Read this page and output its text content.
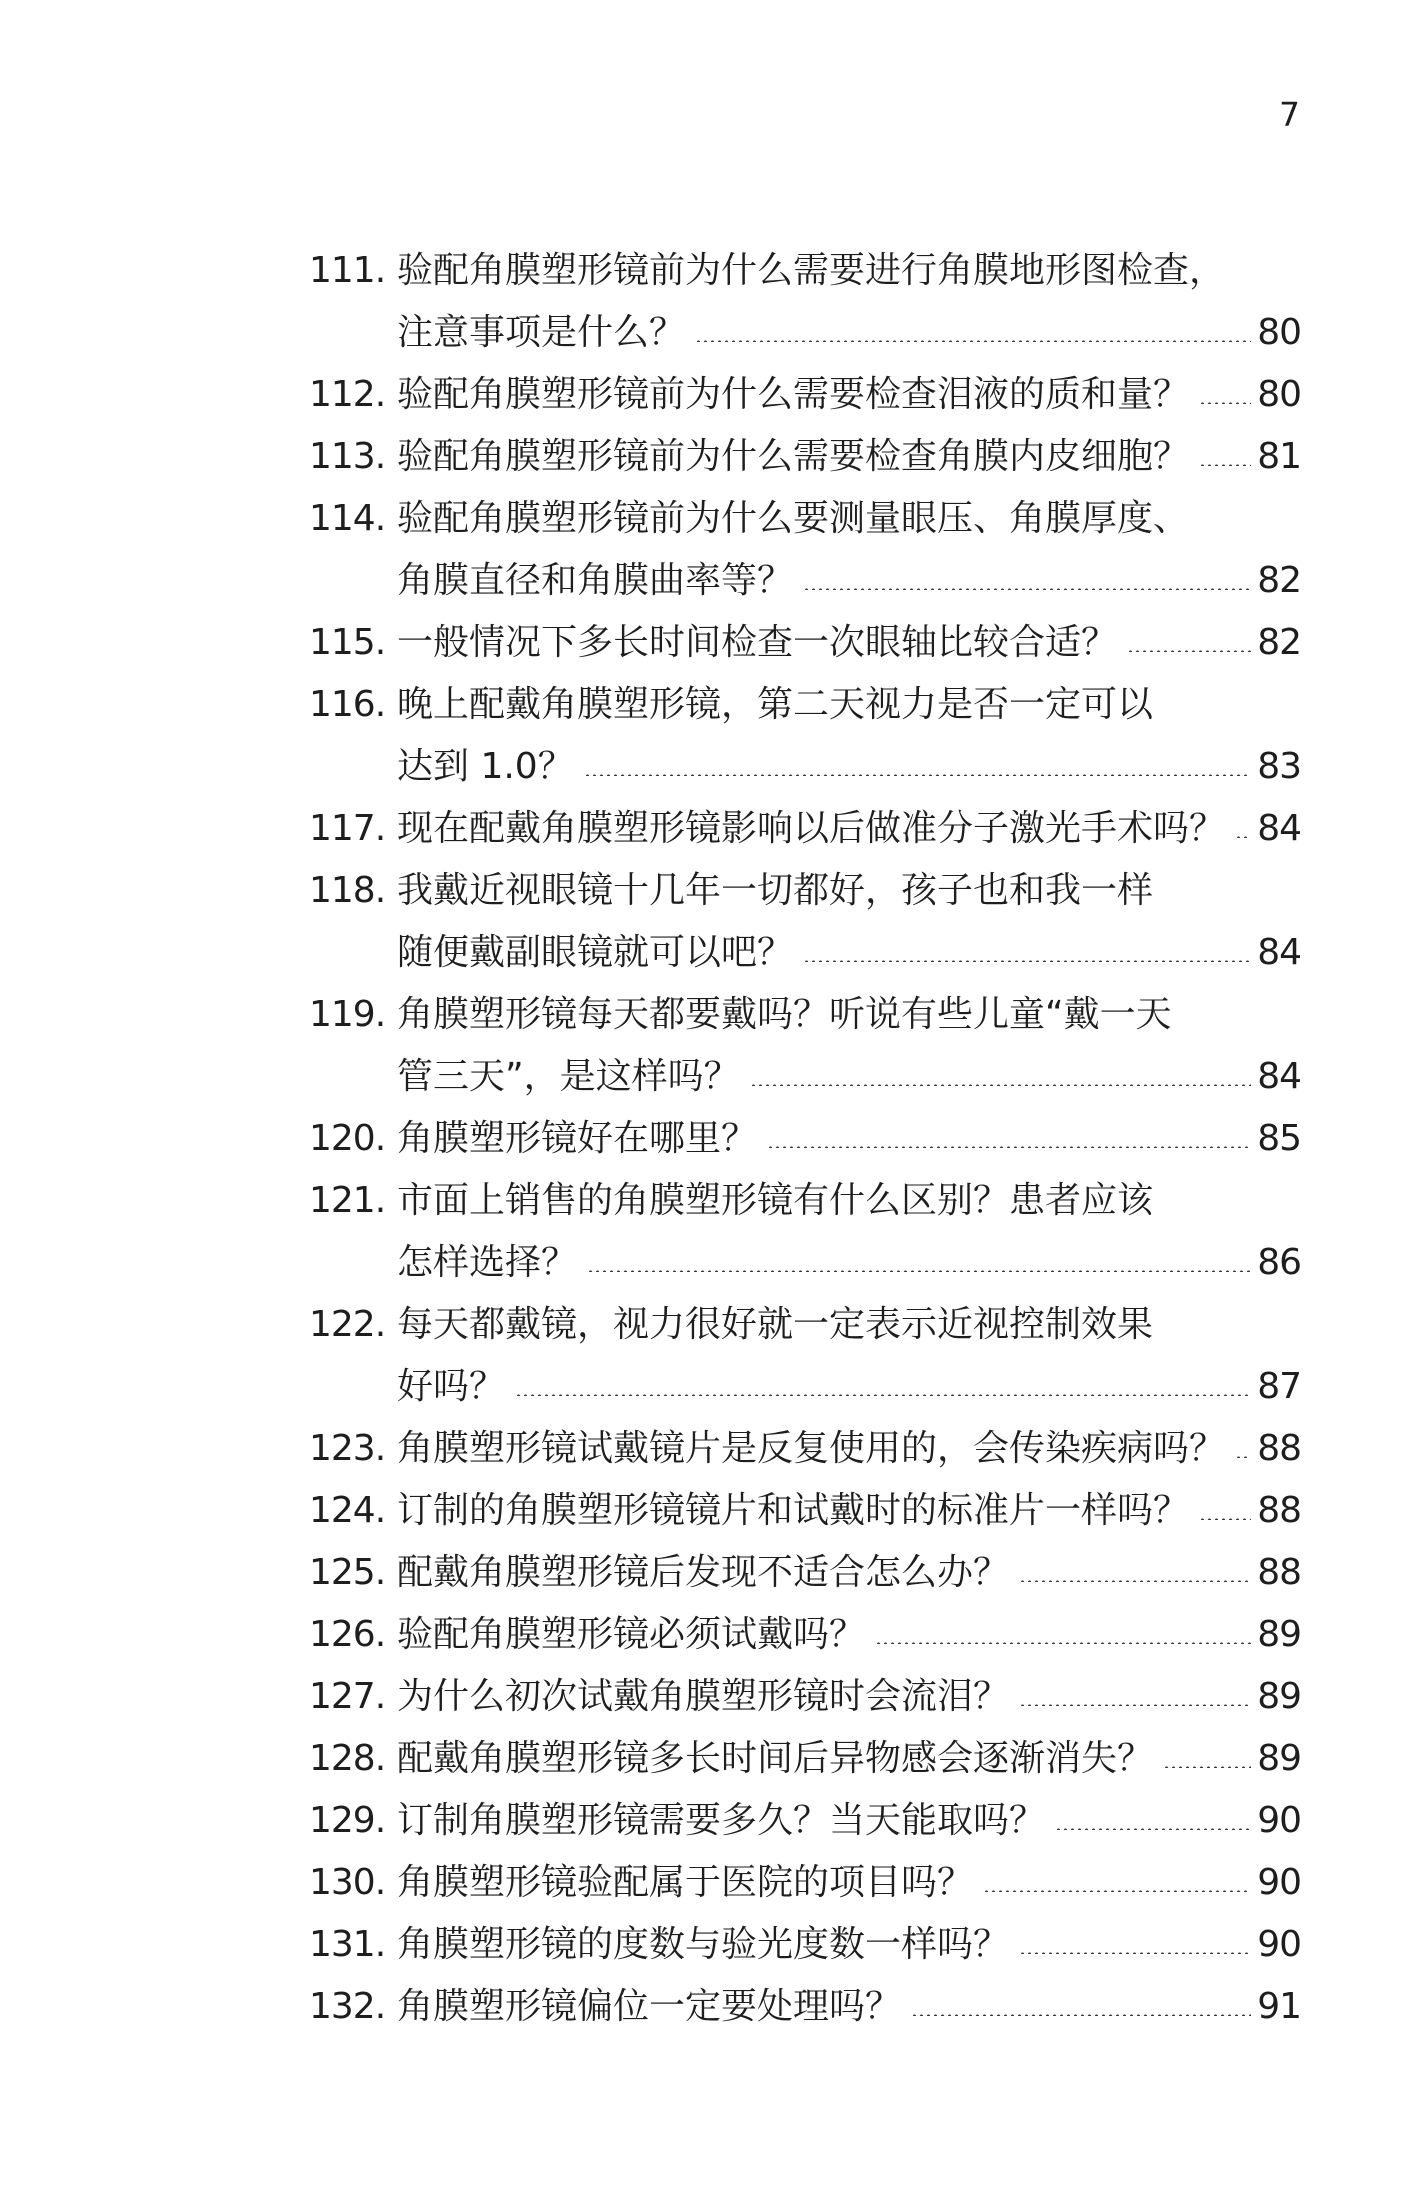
7
111. 验配角膜塑形镜前为什么需要进行角膜地形图检查，
注意事项是什么？	80
112. 验配角膜塑形镜前为什么需要检查泪液的质和量？ 80
113. 验配角膜塑形镜前为什么需要检查角膜内皮细胞？ 81
114. 验配角膜塑形镜前为什么要测量眼压、角膜厚度、
角膜直径和角膜曲率等？	82
115. 一般情况下多长时间检查一次眼轴比较合适？	82
116. 晚上配戴角膜塑形镜，第二天视力是否一定可以
达到 1.0？	83
117. 现在配戴角膜塑形镜影响以后做准分子激光手术吗？ 84
118. 我戴近视眼镜十几年一切都好，孩子也和我一样
随便戴副眼镜就可以吧？	84
119. 角膜塑形镜每天都要戴吗？听说有些儿童“戴一天
管三天”，是这样吗？	84
120. 角膜塑形镜好在哪里？	85
121. 市面上销售的角膜塑形镜有什么区别？患者应该
怎样选择？	86
122. 每天都戴镜，视力很好就一定表示近视控制效果
好吗？	87
123. 角膜塑形镜试戴镜片是反复使用的，会传染疾病吗？ 88
124. 订制的角膜塑形镜镜片和试戴时的标准片一样吗？ 88
125. 配戴角膜塑形镜后发现不适合怎么办？	88
126. 验配角膜塑形镜必须试戴吗？	89
127. 为什么初次试戴角膜塑形镜时会流泪？	89
128. 配戴角膜塑形镜多长时间后异物感会逐渐消失？	89
129. 订制角膜塑形镜需要多久？当天能取吗？	90
130. 角膜塑形镜验配属于医院的项目吗？	90
131. 角膜塑形镜的度数与验光度数一样吗？	90
132. 角膜塑形镜偏位一定要处理吗？	91
